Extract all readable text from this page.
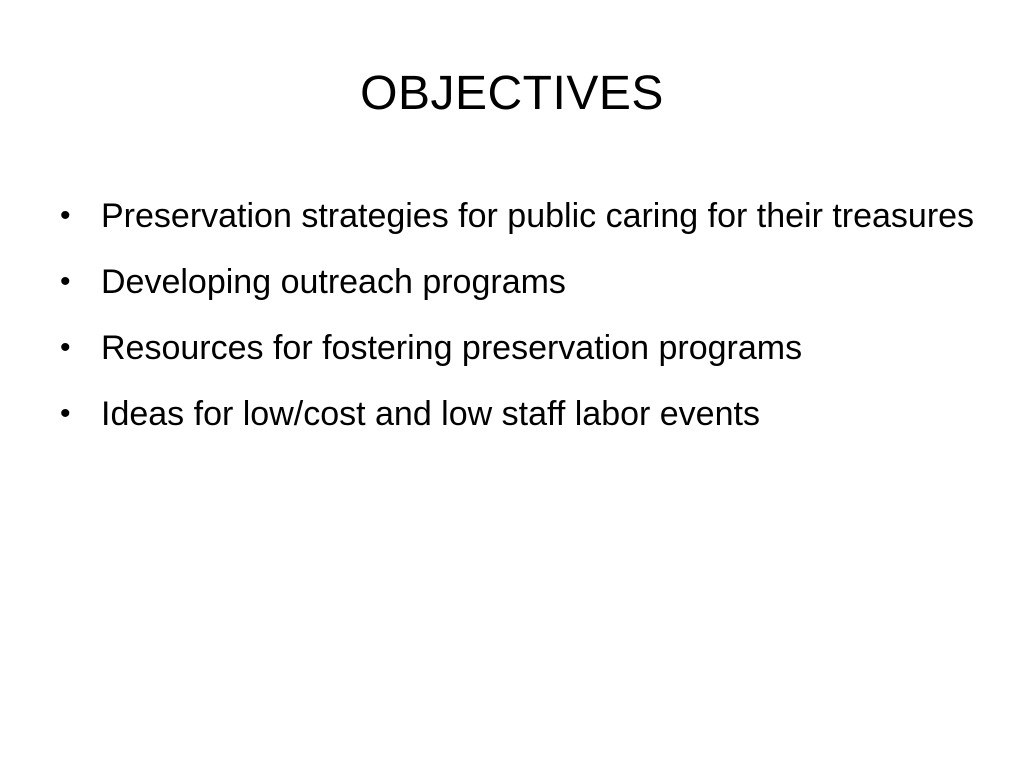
OBJECTIVES
• Preservation strategies for public caring for their treasures
• Developing outreach programs
• Resources for fostering preservation programs
• Ideas for low/cost and low staff labor events
